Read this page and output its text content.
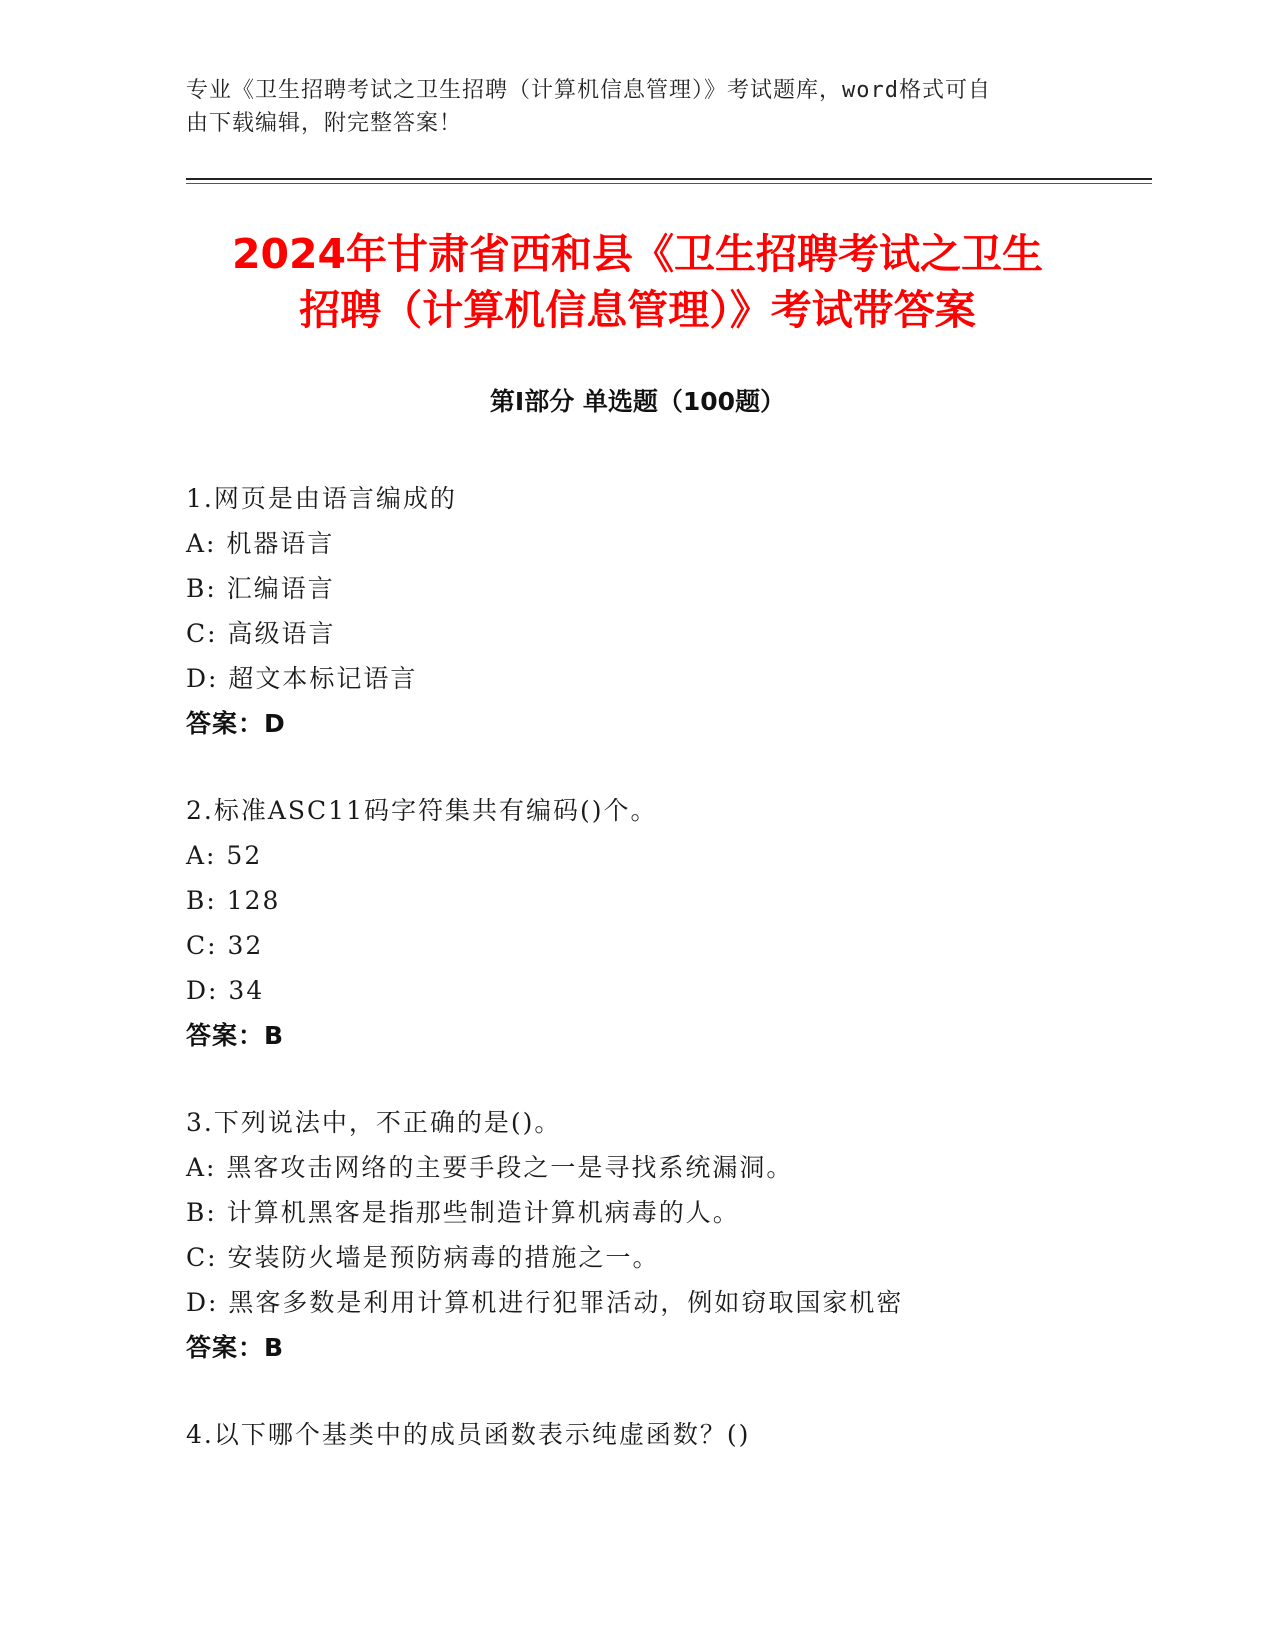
专业《卫生招聘考试之卫生招聘（计算机信息管理）》考试题库，word格式可自
由下载编辑，附完整答案！
2024年甘肃省西和县《卫生招聘考试之卫生
招聘（计算机信息管理）》考试带答案
第Ⅰ部分 单选题（100题）
1.网页是由语言编成的
A: 机器语言
B: 汇编语言
C: 高级语言
D: 超文本标记语言
答案：D
2.标准ASC11码字符集共有编码()个。
A: 52
B: 128
C: 32
D: 34
答案：B
3.下列说法中，不正确的是()。
A: 黑客攻击网络的主要手段之一是寻找系统漏洞。
B: 计算机黑客是指那些制造计算机病毒的人。
C: 安装防火墙是预防病毒的措施之一。
D: 黑客多数是利用计算机进行犯罪活动，例如窃取国家机密
答案：B
4.以下哪个基类中的成员函数表示纯虚函数？()
